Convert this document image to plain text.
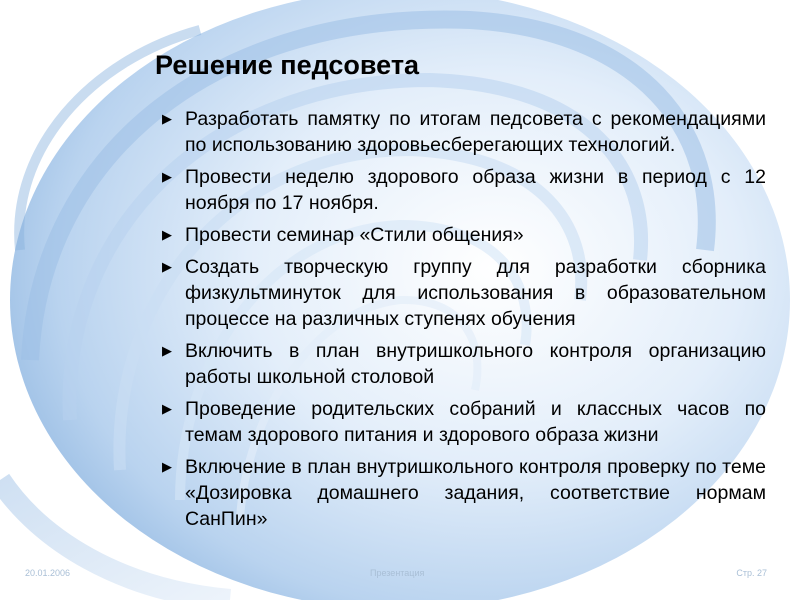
Решение педсовета
▶ Разработать памятку по итогам педсовета с рекомендациями по использованию здоровьесберегающих технологий.
▶ Провести неделю здорового образа жизни в период с 12 ноября по 17 ноября.
▶ Провести семинар «Стили общения»
▶ Создать творческую группу для разработки сборника физкультминуток для использования в образовательном процессе на различных ступенях обучения
▶ Включить в план внутришкольного контроля организацию работы школьной столовой
▶ Проведение родительских собраний и классных часов по темам здорового питания и здорового образа жизни
▶ Включение в план внутришкольного контроля проверку по теме «Дозировка домашнего задания, соответствие нормам СанПин»
20.01.2006	Презентация	Стр. 27
